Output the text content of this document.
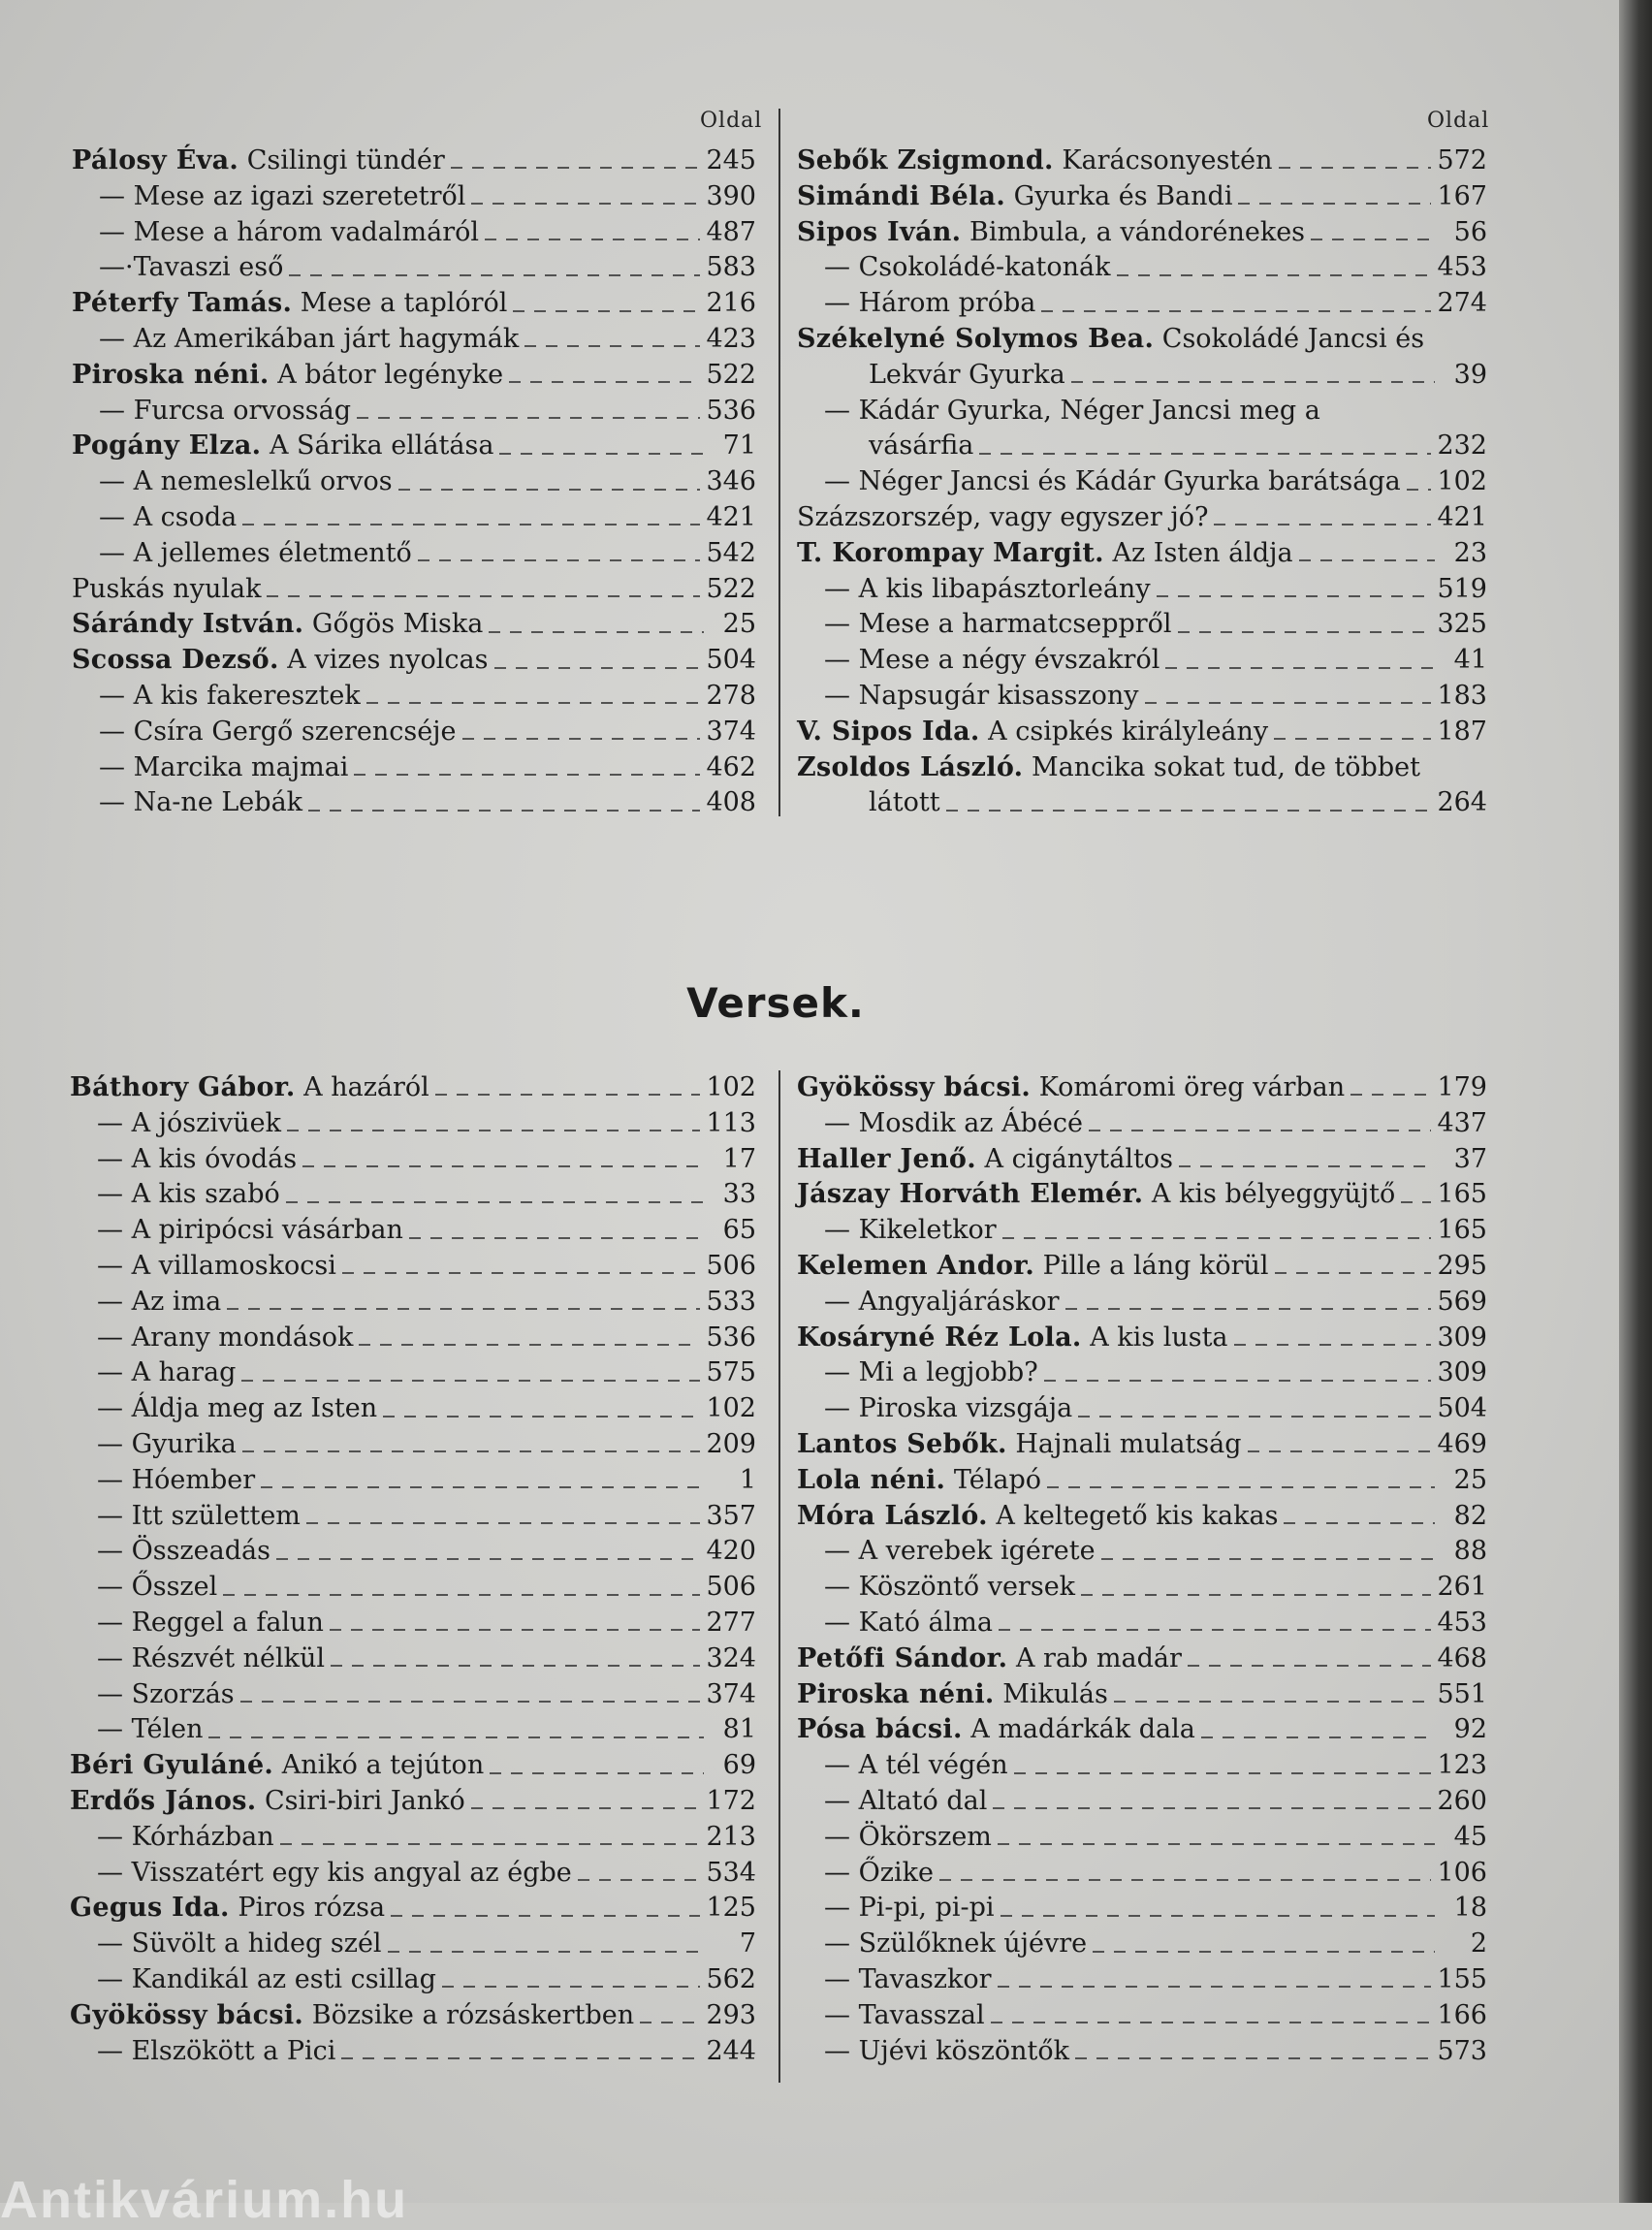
Oldal	Oldal
Pálosy Éva. Csilingi tündér	245
— Mese az igazi szeretetről	390
— Mese a három vadalmáról	487
—·Tavaszi eső	583
Péterfy Tamás. Mese a taplóról	216
— Az Amerikában járt hagymák	423
Piroska néni. A bátor legényke	522
— Furcsa orvosság	536
Pogány Elza. A Sárika ellátása	71
— A nemeslelkű orvos	346
— A csoda	421
— A jellemes életmentő	542
Puskás nyulak	522
Sárándy István. Gőgös Miska	25
Scossa Dezső. A vizes nyolcas	504
— A kis fakeresztek	278
— Csíra Gergő szerencséje	374
— Marcika majmai	462
— Na-ne Lebák	408
Sebők Zsigmond. Karácsonyestén	572
Simándi Béla. Gyurka és Bandi	167
Sipos Iván. Bimbula, a vándorénekes	56
— Csokoládé-katonák	453
— Három próba	274
Székelyné Solymos Bea. Csokoládé Jancsi és
Lekvár Gyurka	39
— Kádár Gyurka, Néger Jancsi meg a
vásárfia	232
— Néger Jancsi és Kádár Gyurka barátsága 102
Százszorszép, vagy egyszer jó?	421
T. Korompay Margit. Az Isten áldja	23
— A kis libapásztorleány	519
— Mese a harmatcseppről	325
— Mese a négy évszakról	41
— Napsugár kisasszony	183
V. Sipos Ida. A csipkés királyleány	187
Zsoldos László. Mancika sokat tud, de többet
látott	264
Versek.
Báthory Gábor. A hazáról	102
— A jószivüek	113
— A kis óvodás	17
— A kis szabó	33
— A piripócsi vásárban	65
— A villamoskocsi	506
— Az ima	533
— Arany mondások	536
— A harag	575
— Áldja meg az Isten	102
— Gyurika	209
— Hóember	1
— Itt születtem	357
— Összeadás	420
— Ősszel	506
— Reggel a falun	277
— Részvét nélkül	324
— Szorzás	374
— Télen	81
Béri Gyuláné. Anikó a tejúton	69
Erdős János. Csiri-biri Jankó	172
— Kórházban	213
— Visszatért egy kis angyal az égbe	534
Gegus Ida. Piros rózsa	125
— Süvölt a hideg szél	7
— Kandikál az esti csillag	562
Gyökössy bácsi. Bözsike a rózsáskertben	293
— Elszökött a Pici	244
Gyökössy bácsi. Komáromi öreg várban	179
— Mosdik az Ábécé	437
Haller Jenő. A cigánytáltos	37
Jászay Horváth Elemér. A kis bélyeggyüjtő 165
— Kikeletkor	165
Kelemen Andor. Pille a láng körül	295
— Angyaljáráskor	569
Kosáryné Réz Lola. A kis lusta	309
— Mi a legjobb?	309
— Piroska vizsgája	504
Lantos Sebők. Hajnali mulatság	469
Lola néni. Télapó	25
Móra László. A keltegető kis kakas	82
— A verebek igérete	88
— Köszöntő versek	261
— Kató álma	453
Petőfi Sándor. A rab madár	468
Piroska néni. Mikulás	551
Pósa bácsi. A madárkák dala	92
— A tél végén	123
— Altató dal	260
— Ökörszem	45
— Őzike	106
— Pi-pi, pi-pi	18
— Szülőknek újévre	2
— Tavaszkor	155
— Tavasszal	166
— Ujévi köszöntők	573
Antikvárium.hu
